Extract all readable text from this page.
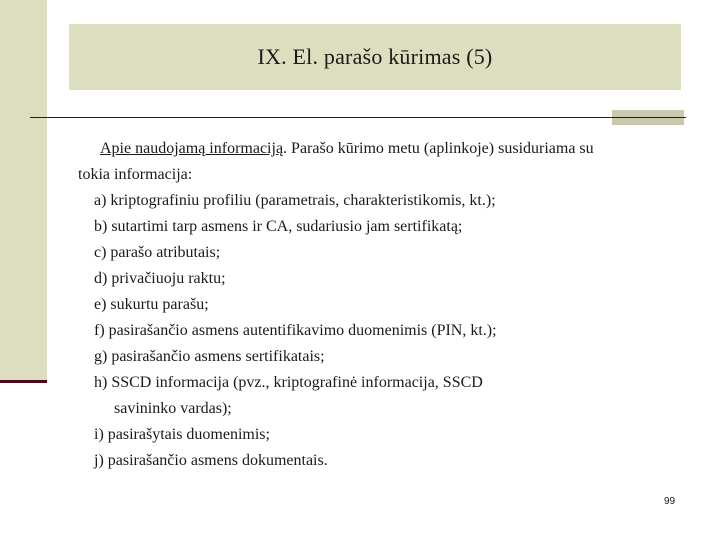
IX. El. parašo kūrimas (5)
Apie naudojamą informaciją. Parašo kūrimo metu (aplinkoje) susiduriama su
tokia informacija:
a) kriptografiniu profiliu (parametrais, charakteristikomis, kt.);
b) sutartimi tarp asmens ir CA, sudariusio jam sertifikatą;
c) parašo atributais;
d) privačiuoju raktu;
e) sukurtu parašu;
f) pasirašančio asmens autentifikavimo duomenimis (PIN, kt.);
g) pasirašančio asmens sertifikatais;
h) SSCD informacija (pvz., kriptografinė informacija, SSCD
savininko vardas);
i) pasirašytais duomenimis;
j) pasirašančio asmens dokumentais.
99
